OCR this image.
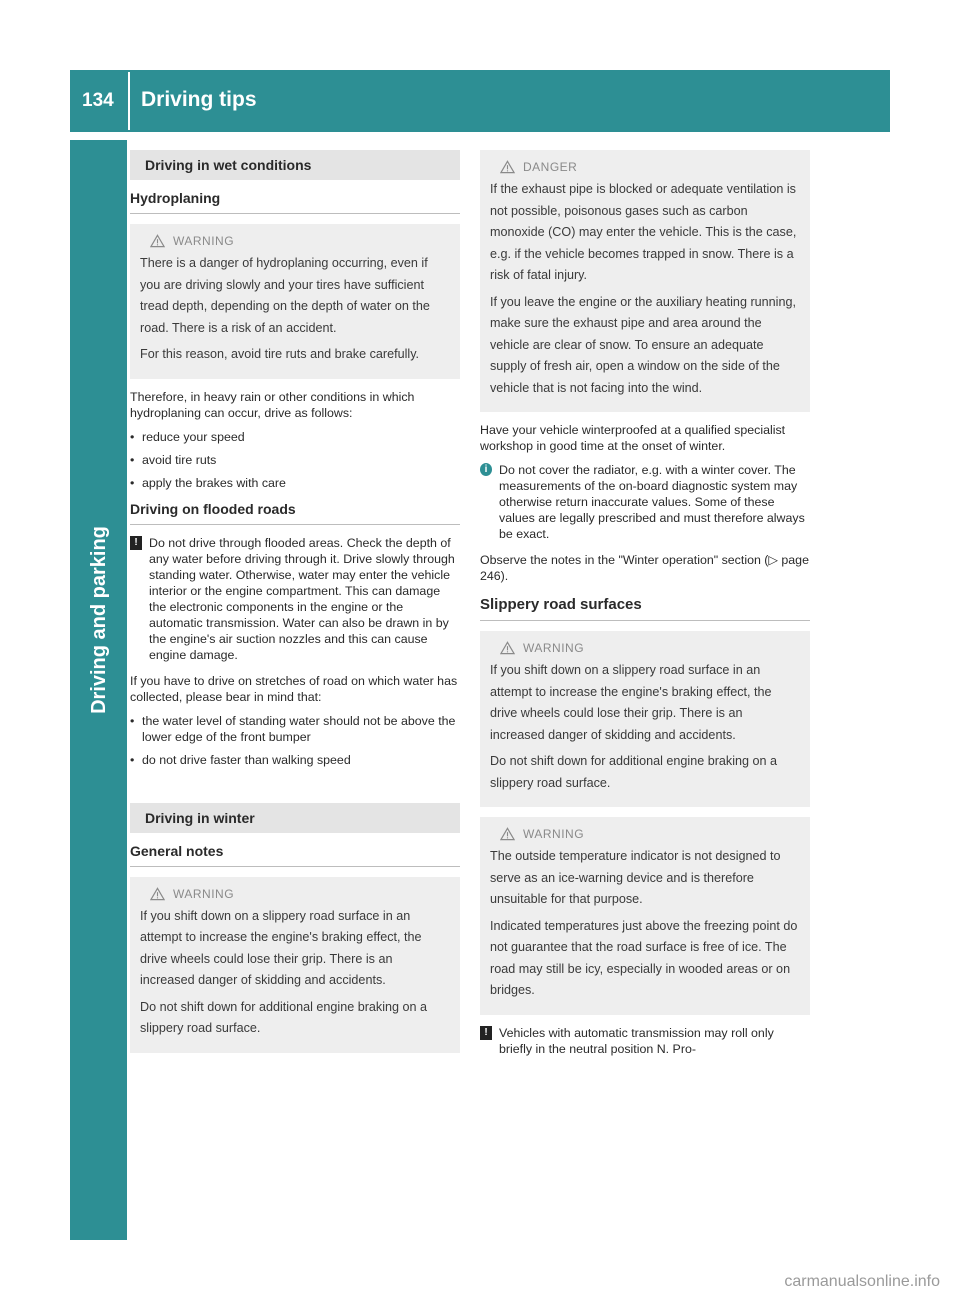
134 Driving tips
Driving and parking
Driving in wet conditions
Hydroplaning
WARNING

There is a danger of hydroplaning occurring, even if you are driving slowly and your tires have sufficient tread depth, depending on the depth of water on the road. There is a risk of an accident.

For this reason, avoid tire ruts and brake carefully.

Therefore, in heavy rain or other conditions in which hydroplaning can occur, drive as follows:

• reduce your speed
• avoid tire ruts
• apply the brakes with care
Driving on flooded roads
! Do not drive through flooded areas. Check the depth of any water before driving through it. Drive slowly through standing water. Otherwise, water may enter the vehicle interior or the engine compartment. This can damage the electronic components in the engine or the automatic transmission. Water can also be drawn in by the engine's air suction nozzles and this can cause engine damage.

If you have to drive on stretches of road on which water has collected, please bear in mind that:

• the water level of standing water should not be above the lower edge of the front bumper
• do not drive faster than walking speed
Driving in winter
General notes
WARNING

If you shift down on a slippery road surface in an attempt to increase the engine's braking effect, the drive wheels could lose their grip. There is an increased danger of skidding and accidents.

Do not shift down for additional engine braking on a slippery road surface.

DANGER

If the exhaust pipe is blocked or adequate ventilation is not possible, poisonous gases such as carbon monoxide (CO) may enter the vehicle. This is the case, e.g. if the vehicle becomes trapped in snow. There is a risk of fatal injury.

If you leave the engine or the auxiliary heating running, make sure the exhaust pipe and area around the vehicle are clear of snow. To ensure an adequate supply of fresh air, open a window on the side of the vehicle that is not facing into the wind.

Have your vehicle winterproofed at a qualified specialist workshop in good time at the onset of winter.

i Do not cover the radiator, e.g. with a winter cover. The measurements of the on-board diagnostic system may otherwise return inaccurate values. Some of these values are legally prescribed and must therefore always be exact.

Observe the notes in the "Winter operation" section (▷ page 246).

Slippery road surfaces
WARNING

If you shift down on a slippery road surface in an attempt to increase the engine's braking effect, the drive wheels could lose their grip. There is an increased danger of skidding and accidents.

Do not shift down for additional engine braking on a slippery road surface.

WARNING

The outside temperature indicator is not designed to serve as an ice-warning device and is therefore unsuitable for that purpose.

Indicated temperatures just above the freezing point do not guarantee that the road surface is free of ice. The road may still be icy, especially in wooded areas or on bridges.

! Vehicles with automatic transmission may roll only briefly in the neutral position N. Pro-
carmanualsonline.info
